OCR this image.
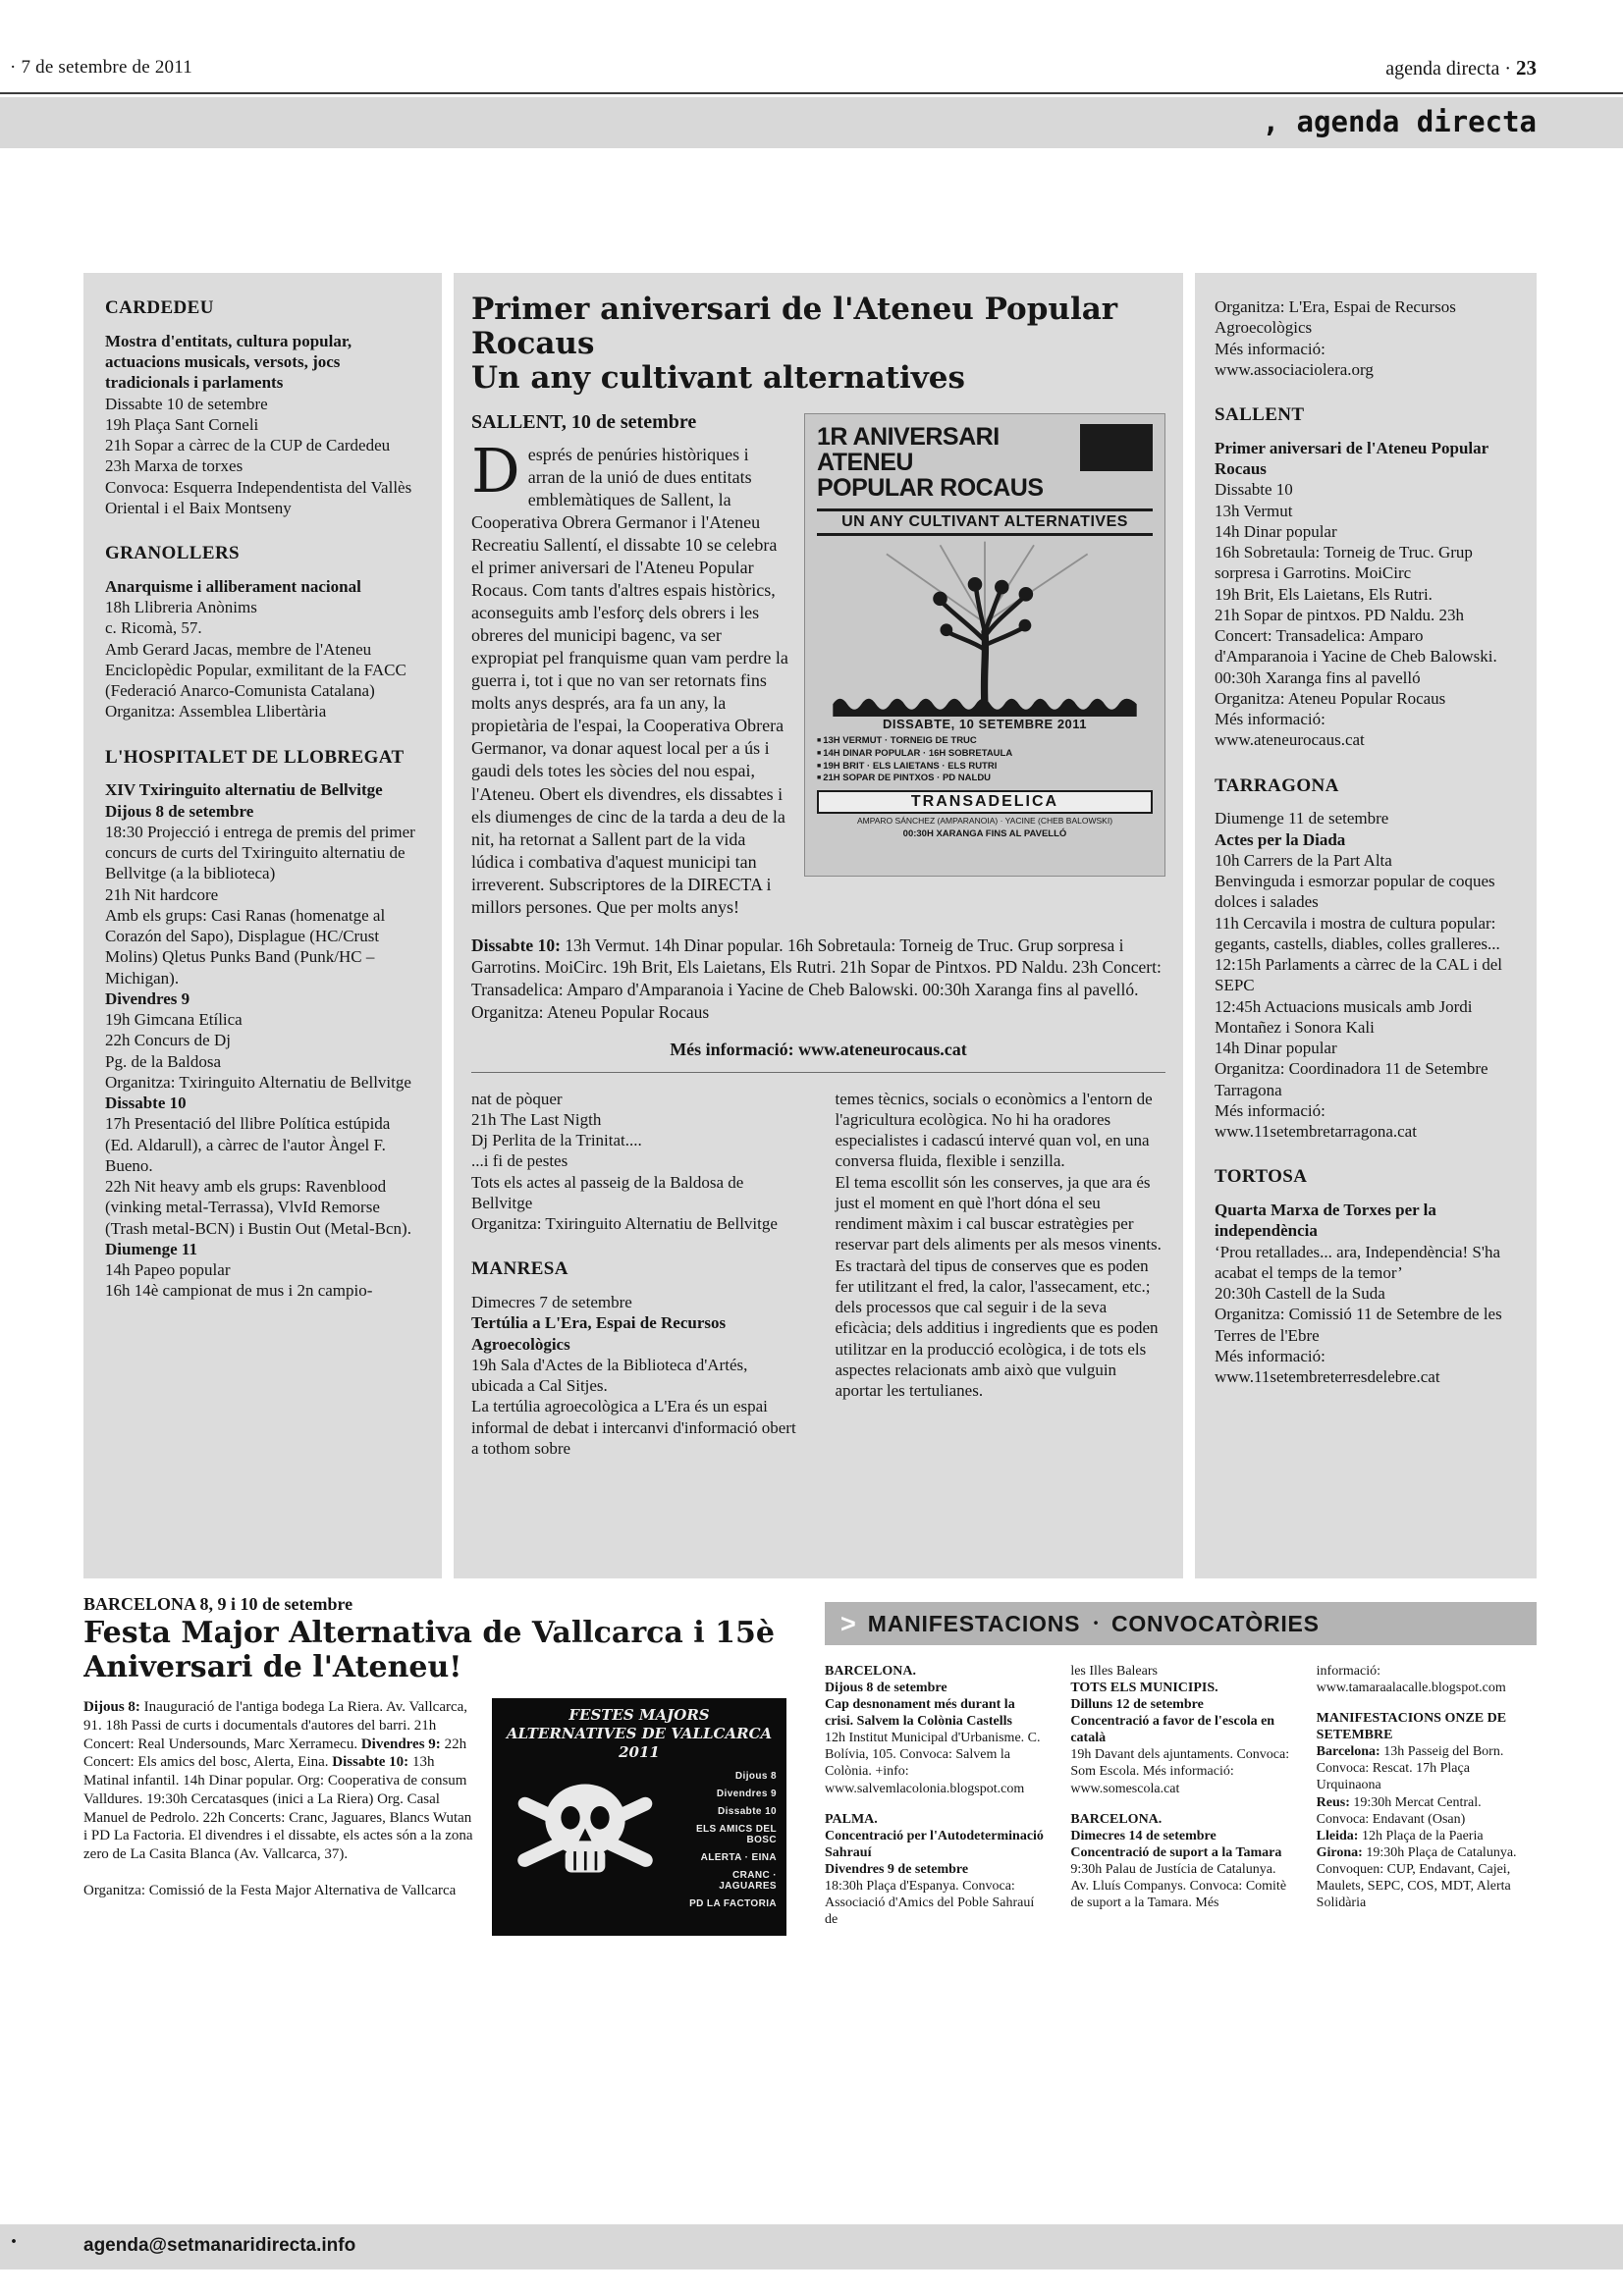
· 7 de setembre de 2011	agenda directa · 23
, agenda directa
CARDEDEU

Mostra d'entitats, cultura popular, actuacions musicals, versots, jocs tradicionals i parlaments

Dissabte 10 de setembre

19h Plaça Sant Corneli

21h Sopar a càrrec de la CUP de Cardedeu

23h Marxa de torxes

Convoca: Esquerra Independentista del Vallès Oriental i el Baix Montseny

GRANOLLERS

Anarquisme i alliberament nacional

18h Llibreria Anònims

c. Ricomà, 57.

Amb Gerard Jacas, membre de l'Ateneu Enciclopèdic Popular, exmilitant de la FACC (Federació Anarco-Comunista Catalana)

Organitza: Assemblea Llibertària

L'HOSPITALET DE LLOBREGAT

XIV Txiringuito alternatiu de Bellvitge

Dijous 8 de setembre

18:30 Projecció i entrega de premis del primer concurs de curts del Txiringuito alternatiu de Bellvitge (a la biblioteca)

21h Nit hardcore

Amb els grups: Casi Ranas (homenatge al Corazón del Sapo), Displague (HC/Crust Molins) Qletus Punks Band (Punk/HC – Michigan).

Divendres 9

19h Gimcana Etílica

22h Concurs de Dj

Pg. de la Baldosa

Organitza: Txiringuito Alternatiu de Bellvitge

Dissabte 10

17h Presentació del llibre Política estúpida (Ed. Aldarull), a càrrec de l'autor Àngel F. Bueno.

22h Nit heavy amb els grups: Ravenblood (vinking metal-Terrassa), VlvId Remorse (Trash metal-BCN) i Bustin Out (Metal-Bcn).

Diumenge 11

14h Papeo popular

16h 14è campionat de mus i 2n campio-

Primer aniversari de l'Ateneu Popular Rocaus
Un any cultivant alternatives
1R ANIVERSARI ATENEU
POPULAR ROCAUS
UN ANY CULTIVANT ALTERNATIVES
DISSABTE, 10 SETEMBRE 2011
■ 13H VERMUT · TORNEIG DE TRUC
■ 14H DINAR POPULAR · 16H SOBRETAULA
■ 19H BRIT · ELS LAIETANS · ELS RUTRI
■ 21H SOPAR DE PINTXOS · PD NALDU
TRANSADELICA
AMPARO SÁNCHEZ (AMPARANOIA) · YACINE (CHEB BALOWSKI)
00:30H XARANGA FINS AL PAVELLÓ
SALLENT, 10 de setembre

Després de penúries històriques i arran de la unió de dues entitats emblemàtiques de Sallent, la Cooperativa Obrera Germanor i l'Ateneu Recreatiu Sallentí, el dissabte 10 se celebra el primer aniversari de l'Ateneu Popular Rocaus. Com tants d'altres espais històrics, aconseguits amb l'esforç dels obrers i les obreres del municipi bagenc, va ser expropiat pel franquisme quan vam perdre la guerra i, tot i que no van ser retornats fins molts anys després, ara fa un any, la propietària de l'espai, la Cooperativa Obrera Germanor, va donar aquest local per a ús i gaudi dels totes les sòcies del nou espai, l'Ateneu. Obert els divendres, els dissabtes i els diumenges de cinc de la tarda a deu de la nit, ha retornat a Sallent part de la vida lúdica i combativa d'aquest municipi tan irreverent. Subscriptores de la DIRECTA i millors persones. Que per molts anys!

Dissabte 10: 13h Vermut. 14h Dinar popular. 16h Sobretaula: Torneig de Truc. Grup sorpresa i Garrotins. MoiCirc. 19h Brit, Els Laietans, Els Rutri. 21h Sopar de Pintxos. PD Naldu. 23h Concert: Transadelica: Amparo d'Amparanoia i Yacine de Cheb Balowski. 00:30h Xaranga fins al pavelló. Organitza: Ateneu Popular Rocaus

Més informació: www.ateneurocaus.cat

nat de pòquer

21h The Last Nigth

Dj Perlita de la Trinitat....

...i fi de pestes

Tots els actes al passeig de la Baldosa de Bellvitge

Organitza: Txiringuito Alternatiu de Bellvitge

MANRESA

Dimecres 7 de setembre

Tertúlia a L'Era, Espai de Recursos Agroecològics

19h Sala d'Actes de la Biblioteca d'Artés, ubicada a Cal Sitjes.

La tertúlia agroecològica a L'Era és un espai informal de debat i intercanvi d'informació obert a tothom sobre

temes tècnics, socials o econòmics a l'entorn de l'agricultura ecològica. No hi ha oradores especialistes i cadascú intervé quan vol, en una conversa fluida, flexible i senzilla.

El tema escollit són les conserves, ja que ara és just el moment en què l'hort dóna el seu rendiment màxim i cal buscar estratègies per reservar part dels aliments per als mesos vinents. Es tractarà del tipus de conserves que es poden fer utilitzant el fred, la calor, l'assecament, etc.; dels processos que cal seguir i de la seva eficàcia; dels additius i ingredients que es poden utilitzar en la producció ecològica, i de tots els aspectes relacionats amb això que vulguin aportar les tertulianes.

Organitza: L'Era, Espai de Recursos Agroecològics

Més informació:

www.associaciolera.org

SALLENT

Primer aniversari de l'Ateneu Popular Rocaus

Dissabte 10

13h Vermut

14h Dinar popular

16h Sobretaula: Torneig de Truc. Grup sorpresa i Garrotins. MoiCirc

19h Brit, Els Laietans, Els Rutri.

21h Sopar de pintxos. PD Naldu. 23h Concert: Transadelica: Amparo d'Amparanoia i Yacine de Cheb Balowski.

00:30h Xaranga fins al pavelló

Organitza: Ateneu Popular Rocaus

Més informació:

www.ateneurocaus.cat

TARRAGONA

Diumenge 11 de setembre

Actes per la Diada

10h Carrers de la Part Alta

Benvinguda i esmorzar popular de coques dolces i salades

11h Cercavila i mostra de cultura popular: gegants, castells, diables, colles gralleres...

12:15h Parlaments a càrrec de la CAL i del SEPC

12:45h Actuacions musicals amb Jordi Montañez i Sonora Kali

14h Dinar popular

Organitza: Coordinadora 11 de Setembre Tarragona

Més informació: www.11setembretarragona.cat

TORTOSA

Quarta Marxa de Torxes per la independència

‘Prou retallades... ara, Independència! S'ha acabat el temps de la temor’

20:30h Castell de la Suda

Organitza: Comissió 11 de Setembre de les Terres de l'Ebre

Més informació: www.11setembreterresdelebre.cat

BARCELONA 8, 9 i 10 de setembre
Festa Major Alternativa de Vallcarca i 15è Aniversari de l'Ateneu!

Dijous 8: Inauguració de l'antiga bodega La Riera. Av. Vallcarca, 91. 18h Passi de curts i documentals d'autores del barri. 21h Concert: Real Undersounds, Marc Xerramecu. Divendres 9: 22h Concert: Els amics del bosc, Alerta, Eina. Dissabte 10: 13h Matinal infantil. 14h Dinar popular. Org: Cooperativa de consum Valldures. 19:30h Cercatasques (inici a La Riera) Org. Casal Manuel de Pedrolo. 22h Concerts: Cranc, Jaguares, Blancs Wutan i PD La Factoria. El divendres i el dissabte, els actes són a la zona zero de La Casita Blanca (Av. Vallcarca, 37).

Organitza: Comissió de la Festa Major Alternativa de Vallcarca

FESTES MAJORS ALTERNATIVES DE VALLCARCA 2011
Dijous 8
Divendres 9
Dissabte 10
ELS AMICS DEL BOSC
ALERTA · EINA
CRANC · JAGUARES
PD LA FACTORIA
> MANIFESTACIONS · CONVOCATÒRIES

BARCELONA.

Dijous 8 de setembre

Cap desnonament més durant la crisi. Salvem la Colònia Castells

12h Institut Municipal d'Urbanisme. C. Bolívia, 105. Convoca: Salvem la Colònia. +info: www.salvemlacolonia.blogspot.com

PALMA.

Concentració per l'Autodeterminació Sahrauí

Divendres 9 de setembre

18:30h Plaça d'Espanya. Convoca: Associació d'Amics del Poble Sahrauí de

les Illes Balears

TOTS ELS MUNICIPIS.

Dilluns 12 de setembre

Concentració a favor de l'escola en català

19h Davant dels ajuntaments. Convoca: Som Escola. Més informació: www.somescola.cat

BARCELONA.

Dimecres 14 de setembre

Concentració de suport a la Tamara

9:30h Palau de Justícia de Catalunya. Av. Lluís Companys. Convoca: Comitè de suport a la Tamara. Més

informació: www.tamaraalacalle.blogspot.com

MANIFESTACIONS ONZE DE SETEMBRE

Barcelona: 13h Passeig del Born. Convoca: Rescat. 17h Plaça Urquinaona

Reus: 19:30h Mercat Central. Convoca: Endavant (Osan)

Lleida: 12h Plaça de la Paeria

Girona: 19:30h Plaça de Catalunya. Convoquen: CUP, Endavant, Cajei, Maulets, SEPC, COS, MDT, Alerta Solidària

·	agenda@setmanaridirecta.info
